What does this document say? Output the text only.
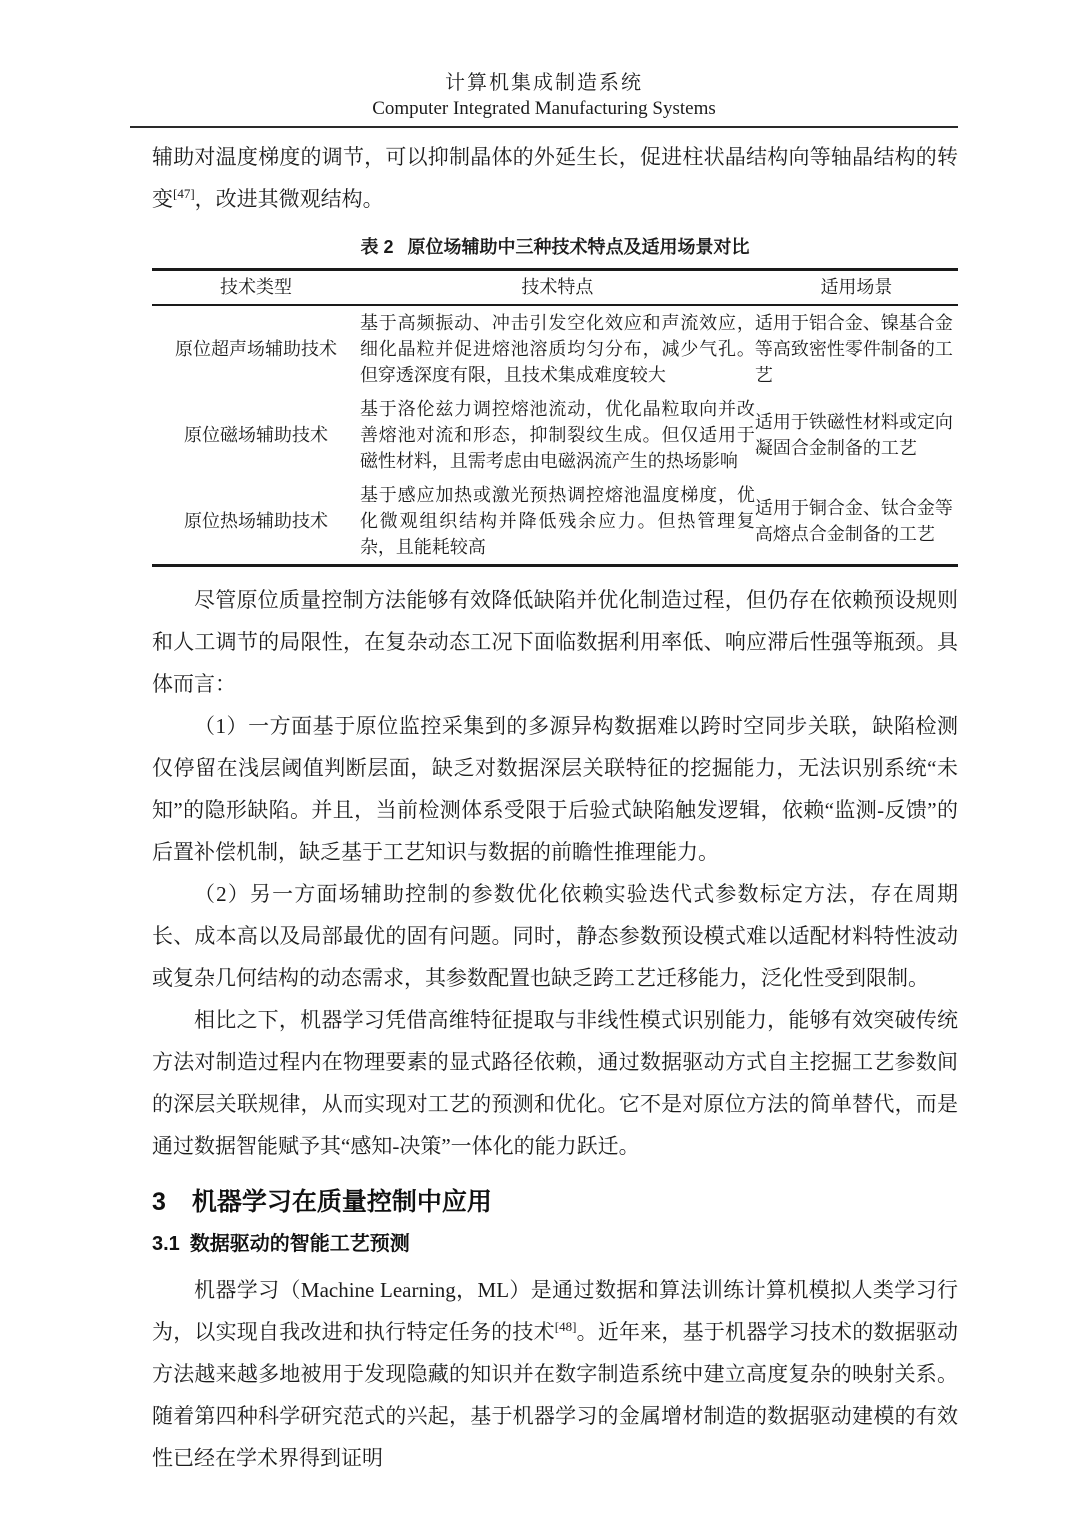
计算机集成制造系统
Computer Integrated Manufacturing Systems

辅助对温度梯度的调节，可以抑制晶体的外延生长，促进柱状晶结构向等轴晶结构的转变[47]，改进其微观结构。

表 2 原位场辅助中三种技术特点及适用场景对比
技术类型	技术特点	适用场景
原位超声场辅助技术	基于高频振动、冲击引发空化效应和声流效应，细化晶粒并促进熔池溶质均匀分布，减少气孔。但穿透深度有限，且技术集成难度较大	适用于铝合金、镍基合金等高致密性零件制备的工艺
原位磁场辅助技术	基于洛伦兹力调控熔池流动，优化晶粒取向并改善熔池对流和形态，抑制裂纹生成。但仅适用于磁性材料，且需考虑由电磁涡流产生的热场影响	适用于铁磁性材料或定向凝固合金制备的工艺
原位热场辅助技术	基于感应加热或激光预热调控熔池温度梯度，优化微观组织结构并降低残余应力。但热管理复杂，且能耗较高	适用于铜合金、钛合金等高熔点合金制备的工艺

尽管原位质量控制方法能够有效降低缺陷并优化制造过程，但仍存在依赖预设规则和人工调节的局限性，在复杂动态工况下面临数据利用率低、响应滞后性强等瓶颈。具体而言：

（1）一方面基于原位监控采集到的多源异构数据难以跨时空同步关联，缺陷检测仅停留在浅层阈值判断层面，缺乏对数据深层关联特征的挖掘能力，无法识别系统“未知”的隐形缺陷。并且，当前检测体系受限于后验式缺陷触发逻辑，依赖“监测-反馈”的后置补偿机制，缺乏基于工艺知识与数据的前瞻性推理能力。

（2）另一方面场辅助控制的参数优化依赖实验迭代式参数标定方法，存在周期长、成本高以及局部最优的固有问题。同时，静态参数预设模式难以适配材料特性波动或复杂几何结构的动态需求，其参数配置也缺乏跨工艺迁移能力，泛化性受到限制。

相比之下，机器学习凭借高维特征提取与非线性模式识别能力，能够有效突破传统方法对制造过程内在物理要素的显式路径依赖，通过数据驱动方式自主挖掘工艺参数间的深层关联规律，从而实现对工艺的预测和优化。它不是对原位方法的简单替代，而是通过数据智能赋予其“感知-决策”一体化的能力跃迁。

3 机器学习在质量控制中应用
3.1 数据驱动的智能工艺预测

机器学习（Machine Learning，ML）是通过数据和算法训练计算机模拟人类学习行为，以实现自我改进和执行特定任务的技术[48]。近年来，基于机器学习技术的数据驱动方法越来越多地被用于发现隐藏的知识并在数字制造系统中建立高度复杂的映射关系。随着第四种科学研究范式的兴起，基于机器学习的金属增材制造的数据驱动建模的有效性已经在学术界得到证明
